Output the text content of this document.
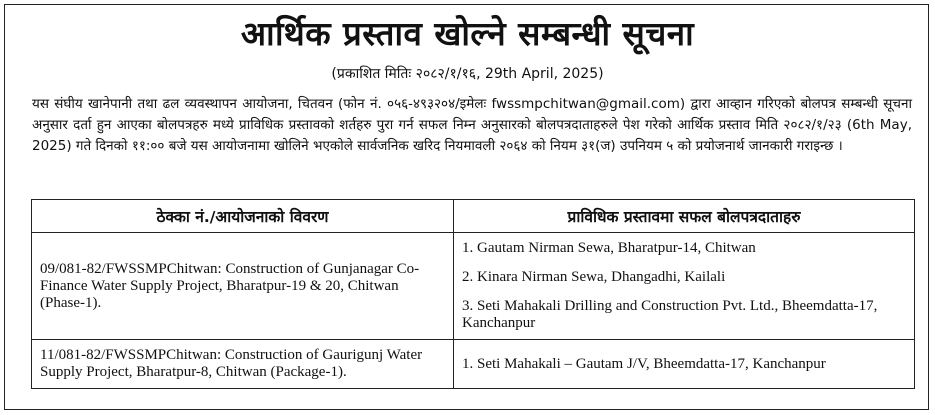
आर्थिक प्रस्ताव खोल्ने सम्बन्धी सूचना
(प्रकाशित मितिः २०८२/१/१६, 29th April, 2025)
यस संघीय खानेपानी तथा ढल व्यवस्थापन आयोजना, चितवन (फोन नं. ०५६-४९३२०४/इमेलः fwssmpchitwan@gmail.com) द्वारा आव्हान गरिएको बोलपत्र सम्बन्धी सूचना अनुसार दर्ता हुन आएका बोलपत्रहरु मध्ये प्राविधिक प्रस्तावको शर्तहरु पुरा गर्न सफल निम्न अनुसारको बोलपत्रदाताहरुले पेश गरेको आर्थिक प्रस्ताव मिति २०८२/१/२३ (6th May, 2025) गते दिनको ११:०० बजे यस आयोजनामा खोलिने भएकोले सार्वजनिक खरिद नियमावली २०६४ को नियम ३१(ज) उपनियम ५ को प्रयोजनार्थ जानकारी गराइन्छ ।
ठेक्का नं./आयोजनाको विवरण	प्राविधिक प्रस्तावमा सफल बोलपत्रदाताहरु
09/081-82/FWSSMPChitwan: Construction of Gunjanagar Co-Finance Water Supply Project, Bharatpur-19 & 20, Chitwan (Phase-1).	1. Gautam Nirman Sewa, Bharatpur-14, Chitwan
2. Kinara Nirman Sewa, Dhangadhi, Kailali
3. Seti Mahakali Drilling and Construction Pvt. Ltd., Bheemdatta-17, Kanchanpur

11/081-82/FWSSMPChitwan: Construction of Gaurigunj Water Supply Project, Bharatpur-8, Chitwan (Package-1).	1. Seti Mahakali – Gautam J/V, Bheemdatta-17, Kanchanpur
